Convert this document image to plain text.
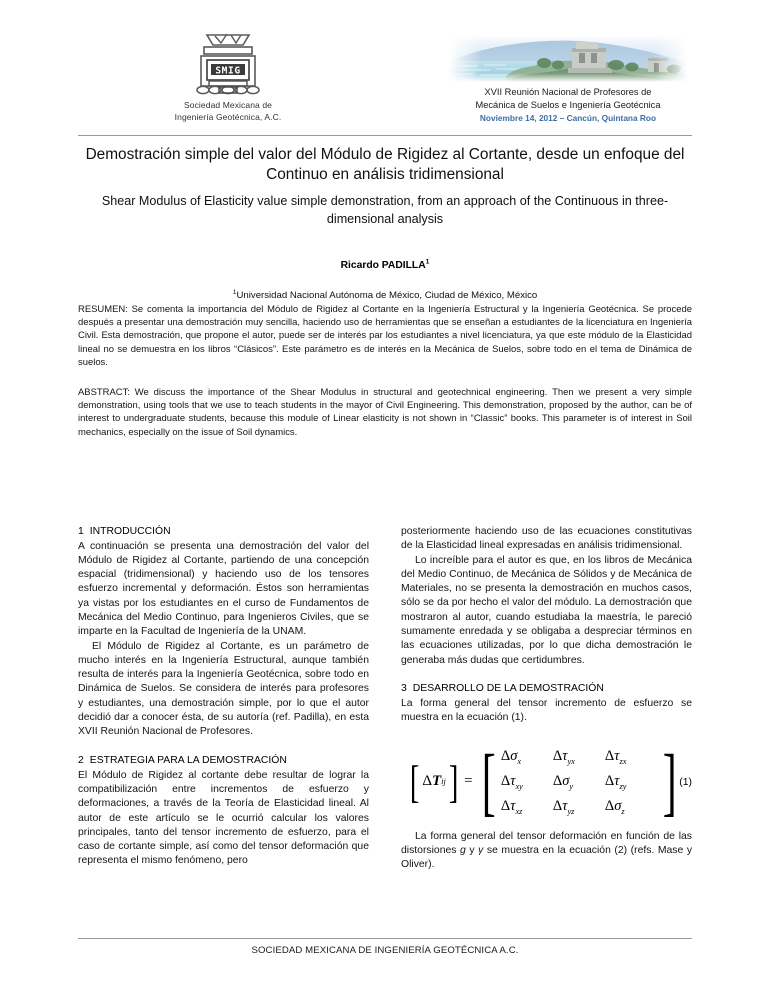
SMIG
Sociedad Mexicana de
Ingeniería Geotécnica, A.C.
XVII Reunión Nacional de Profesores de
Mecánica de Suelos e Ingeniería Geotécnica
Noviembre 14, 2012 – Cancún, Quintana Roo
Demostración simple del valor del Módulo de Rigidez al Cortante, desde un enfoque del Continuo en análisis tridimensional
Shear Modulus of Elasticity value simple demonstration, from an approach of the Continuous in three-dimensional analysis
Ricardo PADILLA$^1$
$^1$Universidad Nacional Autónoma de México, Ciudad de México, México
RESUMEN: Se comenta la importancia del Módulo de Rigidez al Cortante en la Ingeniería Estructural y la Ingeniería Geotécnica. Se procede después a presentar una demostración muy sencilla, haciendo uso de herramientas que se enseñan a estudiantes de la licenciatura en Ingeniería Civil. Esta demostración, que propone el autor, puede ser de interés par los estudiantes a nivel licenciatura, ya que este módulo de la Elasticidad lineal no se demuestra en los libros “Clásicos”. Este parámetro es de interés en la Mecánica de Suelos, sobre todo en el tema de Dinámica de suelos.
ABSTRACT: We discuss the importance of the Shear Modulus in structural and geotechnical engineering. Then we present a very simple demonstration, using tools that we use to teach students in the mayor of Civil Engineering. This demonstration, proposed by the author, can be of interest to undergraduate students, because this module of Linear elasticity is not shown in “Classic” books. This parameter is of interest in Soil mechanics, especially on the issue of Soil dynamics.
1 INTRODUCCIÓN
A continuación se presenta una demostración del valor del Módulo de Rigidez al Cortante, partiendo de una concepción espacial (tridimensional) y haciendo uso de los tensores esfuerzo incremental y deformación. Éstos son herramientas ya vistas por los estudiantes en el curso de Fundamentos de Mecánica del Medio Continuo, para Ingenieros Civiles, que se imparte en la Facultad de Ingeniería de la UNAM.
El Módulo de Rigidez al Cortante, es un parámetro de mucho interés en la Ingeniería Estructural, aunque también resulta de interés para la Ingeniería Geotécnica, sobre todo en Dinámica de Suelos. Se considera de interés para profesores y estudiantes, una demostración simple, por lo que el autor decidió dar a conocer ésta, de su autoría (ref. Padilla), en esta XVII Reunión Nacional de Profesores.
2 ESTRATEGIA PARA LA DEMOSTRACIÓN
El Módulo de Rigidez al cortante debe resultar de lograr la compatibilización entre incrementos de esfuerzo y deformaciones, a través de la Teoría de Elasticidad lineal. Al autor de este artículo se le ocurrió calcular los valores principales, tanto del tensor incremento de esfuerzo, para el caso de cortante simple, así como del tensor deformación que representa el mismo fenómeno, pero
posteriormente haciendo uso de las ecuaciones constitutivas de la Elasticidad lineal expresadas en análisis tridimensional.
Lo increíble para el autor es que, en los libros de Mecánica del Medio Continuo, de Mecánica de Sólidos y de Mecánica de Materiales, no se presenta la demostración en muchos casos, sólo se da por hecho el valor del módulo. La demostración que mostraron al autor, cuando estudiaba la maestría, le pareció sumamente enredada y se obligaba a despreciar términos en las ecuaciones utilizadas, por lo que dicha demostración le generaba más dudas que certidumbres.
3 DESARROLLO DE LA DEMOSTRACIÓN
La forma general del tensor incremento de esfuerzo se muestra en la ecuación (1).
[ Δ T ij ] = [ $\Delta\sigma_x$	$\Delta\tau_{yx}$	$\Delta\tau_{zx}$
$\Delta\tau_{xy}$	$\Delta\sigma_y$	$\Delta\tau_{zy}$
$\Delta\tau_{xz}$	$\Delta\tau_{yz}$	$\Delta\sigma_z$ ] (1)
La forma general del tensor deformación en función de las distorsiones g y γ se muestra en la ecuación (2) (refs. Mase y Oliver).
SOCIEDAD MEXICANA DE INGENIERÍA GEOTÉCNICA A.C.
